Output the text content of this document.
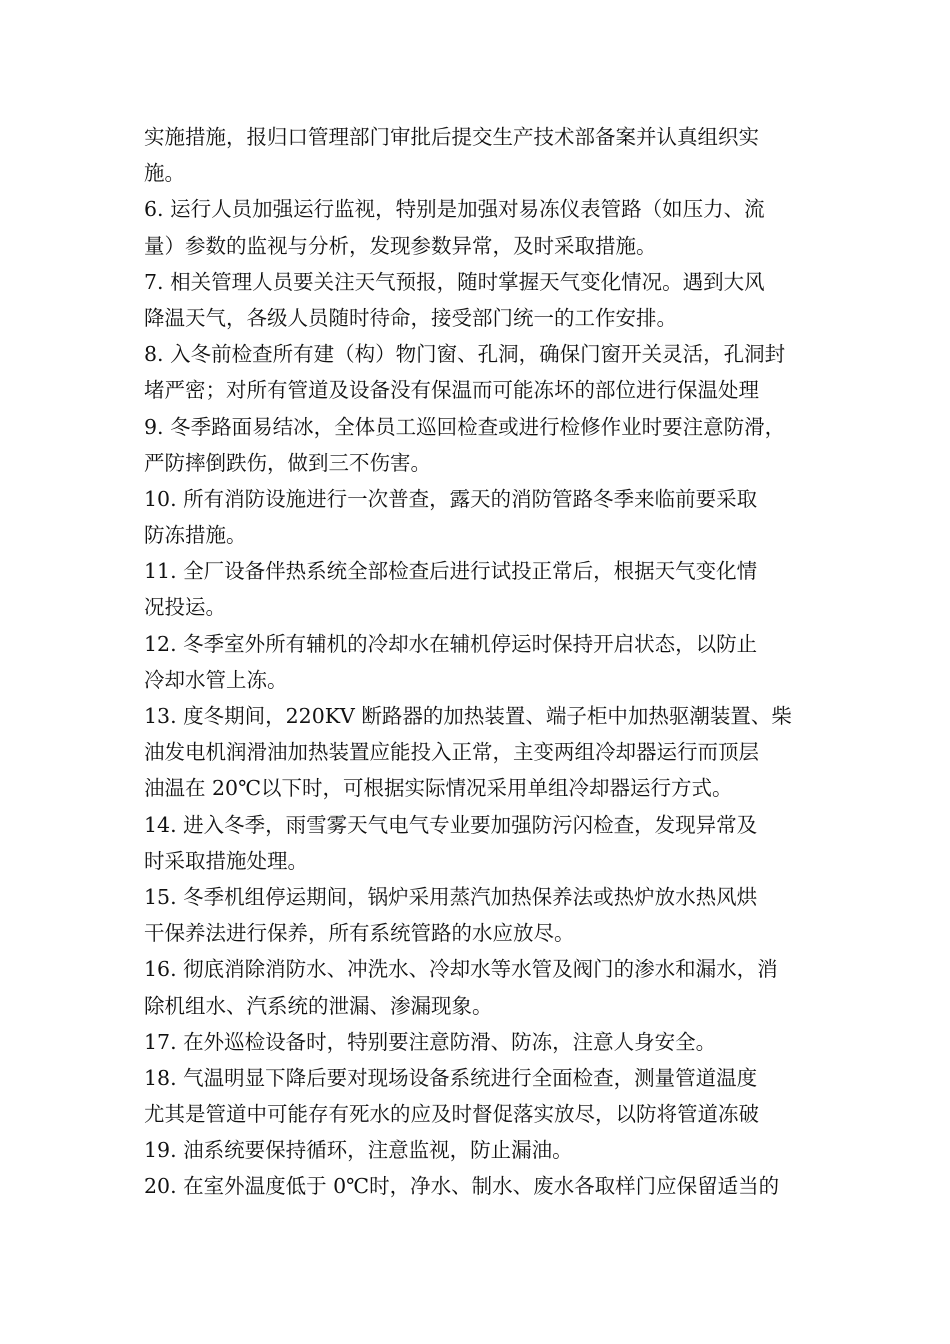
实施措施，报归口管理部门审批后提交生产技术部备案并认真组织实
施。
6. 运行人员加强运行监视，特别是加强对易冻仪表管路（如压力、流
量）参数的监视与分析，发现参数异常，及时采取措施。
7. 相关管理人员要关注天气预报，随时掌握天气变化情况。遇到大风
降温天气，各级人员随时待命，接受部门统一的工作安排。
8. 入冬前检查所有建（构）物门窗、孔洞，确保门窗开关灵活，孔洞封
堵严密；对所有管道及设备没有保温而可能冻坏的部位进行保温处理
9. 冬季路面易结冰，全体员工巡回检查或进行检修作业时要注意防滑，
严防摔倒跌伤，做到三不伤害。
10. 所有消防设施进行一次普查，露天的消防管路冬季来临前要采取
防冻措施。
11. 全厂设备伴热系统全部检查后进行试投正常后，根据天气变化情
况投运。
12. 冬季室外所有辅机的冷却水在辅机停运时保持开启状态，以防止
冷却水管上冻。
13. 度冬期间，220KV 断路器的加热装置、端子柜中加热驱潮装置、柴
油发电机润滑油加热装置应能投入正常，主变两组冷却器运行而顶层
油温在 20℃以下时，可根据实际情况采用单组冷却器运行方式。
14. 进入冬季，雨雪雾天气电气专业要加强防污闪检查，发现异常及
时采取措施处理。
15. 冬季机组停运期间，锅炉采用蒸汽加热保养法或热炉放水热风烘
干保养法进行保养，所有系统管路的水应放尽。
16. 彻底消除消防水、冲洗水、冷却水等水管及阀门的渗水和漏水，消
除机组水、汽系统的泄漏、渗漏现象。
17. 在外巡检设备时，特别要注意防滑、防冻，注意人身安全。
18. 气温明显下降后要对现场设备系统进行全面检查，测量管道温度
尤其是管道中可能存有死水的应及时督促落实放尽，以防将管道冻破
19. 油系统要保持循环，注意监视，防止漏油。
20. 在室外温度低于 0℃时，净水、制水、废水各取样门应保留适当的
